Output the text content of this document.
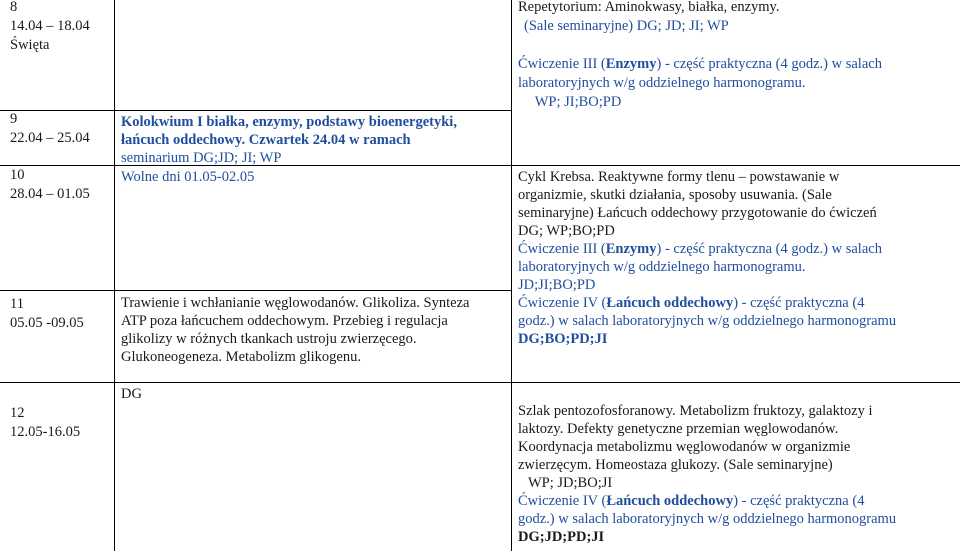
8
14.04 – 18.04
Święta
Repetytorium: Aminokwasy, białka, enzymy.
(Sale seminaryjne) DG; JD; JI; WP
Ćwiczenie III (Enzymy) - część praktyczna (4 godz.) w salach
laboratoryjnych w/g oddzielnego harmonogramu.
WP; JI;BO;PD
9
22.04 – 25.04
Kolokwium I białka, enzymy, podstawy bioenergetyki,
łańcuch oddechowy. Czwartek 24.04 w ramach
seminarium DG;JD; JI; WP
10
28.04 – 01.05
Wolne dni 01.05-02.05	Cykl Krebsa. Reaktywne formy tlenu – powstawanie w
organizmie, skutki działania, sposoby usuwania. (Sale
seminaryjne) Łańcuch oddechowy przygotowanie do ćwiczeń
DG; WP;BO;PD
Ćwiczenie III (Enzymy) - część praktyczna (4 godz.) w salach
laboratoryjnych w/g oddzielnego harmonogramu.
JD;JI;BO;PD
11
05.05 -09.05
Trawienie i wchłanianie węglowodanów. Glikoliza. Synteza
ATP poza łańcuchem oddechowym. Przebieg i regulacja
glikolizy w różnych tkankach ustroju zwierzęcego.
Glukoneogeneza. Metabolizm glikogenu.
Ćwiczenie IV (Łańcuch oddechowy) - część praktyczna (4
godz.) w salach laboratoryjnych w/g oddzielnego harmonogramu
DG;BO;PD;JI
12
12.05-16.05
DG
Szlak pentozofosforanowy. Metabolizm fruktozy, galaktozy i
laktozy. Defekty genetyczne przemian węglowodanów.
Koordynacja metabolizmu węglowodanów w organizmie
zwierzęcym. Homeostaza glukozy. (Sale seminaryjne)
WP; JD;BO;JI
Ćwiczenie IV (Łańcuch oddechowy) - część praktyczna (4
godz.) w salach laboratoryjnych w/g oddzielnego harmonogramu
DG;JD;PD;JI
